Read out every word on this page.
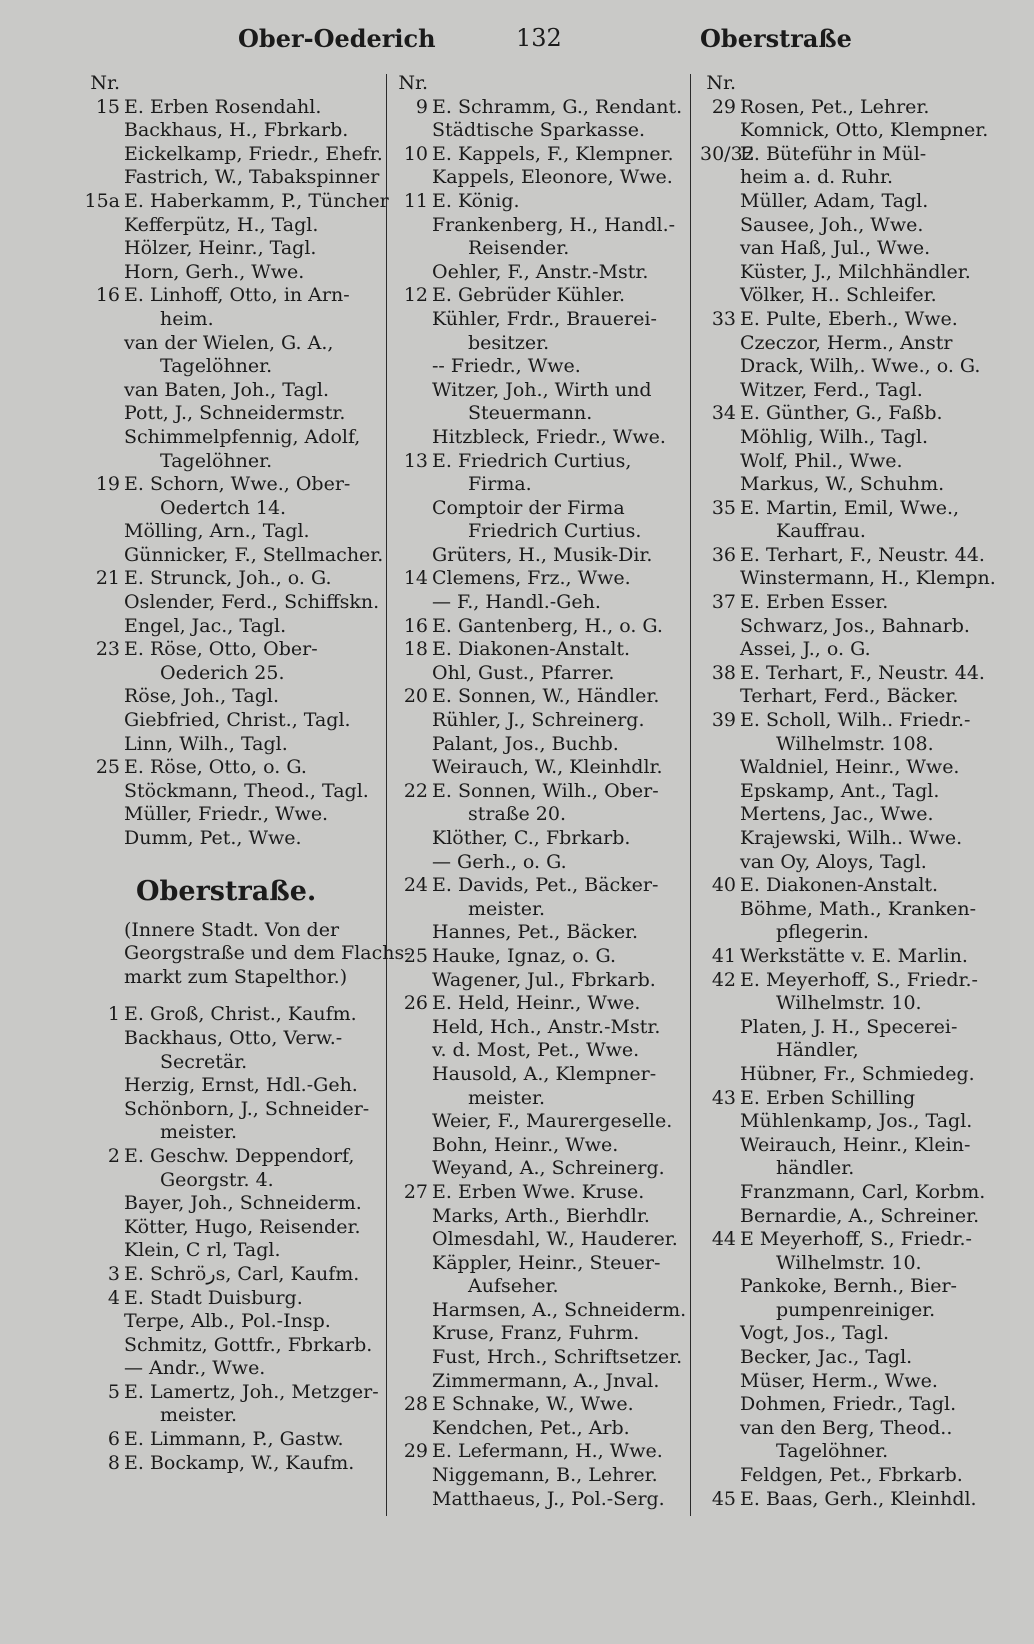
Ober-Oederich	132	Oberstraße
Nr.
15 E. Erben Rosendahl.
Backhaus, H., Fbrkarb.
Eickelkamp, Friedr., Ehefr.
Fastrich, W., Tabakspinner
15a E. Haberkamm, P., Tüncher
Kefferpütz, H., Tagl.
Hölzer, Heinr., Tagl.
Horn, Gerh., Wwe.
16 E. Linhoff, Otto, in Arn-
heim.
van der Wielen, G. A.,
Tagelöhner.
van Baten, Joh., Tagl.
Pott, J., Schneidermstr.
Schimmelpfennig, Adolf,
Tagelöhner.
19 E. Schorn, Wwe., Ober-
Oedertch 14.
Mölling, Arn., Tagl.
Günnicker, F., Stellmacher.
21 E. Strunck, Joh., o. G.
Oslender, Ferd., Schiffskn.
Engel, Jac., Tagl.
23 E. Röse, Otto, Ober-
Oederich 25.
Röse, Joh., Tagl.
Giebfried, Christ., Tagl.
Linn, Wilh., Tagl.
25 E. Röse, Otto, o. G.
Stöckmann, Theod., Tagl.
Müller, Friedr., Wwe.
Dumm, Pet., Wwe.
Oberstraße.
(Innere Stadt. Von der
Georgstraße und dem Flachs-
markt zum Stapelthor.)
1 E. Groß, Christ., Kaufm.
Backhaus, Otto, Verw.-
Secretär.
Herzig, Ernst, Hdl.-Geh.
Schönborn, J., Schneider-
meister.
2 E. Geschw. Deppendorf,
Georgstr. 4.
Bayer, Joh., Schneiderm.
Kötter, Hugo, Reisender.
Klein, C rl, Tagl.
3 E. Schröرs, Carl, Kaufm.
4 E. Stadt Duisburg.
Terpe, Alb., Pol.-Insp.
Schmitz, Gottfr., Fbrkarb.
— Andr., Wwe.
5 E. Lamertz, Joh., Metzger-
meister.
6 E. Limmann, P., Gastw.
8 E. Bockamp, W., Kaufm.
Nr.
9 E. Schramm, G., Rendant.
Städtische Sparkasse.
10 E. Kappels, F., Klempner.
Kappels, Eleonore, Wwe.
11 E. König.
Frankenberg, H., Handl.-
Reisender.
Oehler, F., Anstr.-Mstr.
12 E. Gebrüder Kühler.
Kühler, Frdr., Brauerei-
besitzer.
-- Friedr., Wwe.
Witzer, Joh., Wirth und
Steuermann.
Hitzbleck, Friedr., Wwe.
13 E. Friedrich Curtius,
Firma.
Comptoir der Firma
Friedrich Curtius.
Grüters, H., Musik-Dir.
14 Clemens, Frz., Wwe.
— F., Handl.-Geh.
16 E. Gantenberg, H., o. G.
18 E. Diakonen-Anstalt.
Ohl, Gust., Pfarrer.
20 E. Sonnen, W., Händler.
Rühler, J., Schreinerg.
Palant, Jos., Buchb.
Weirauch, W., Kleinhdlr.
22 E. Sonnen, Wilh., Ober-
straße 20.
Klöther, C., Fbrkarb.
— Gerh., o. G.
24 E. Davids, Pet., Bäcker-
meister.
Hannes, Pet., Bäcker.
25 Hauke, Ignaz, o. G.
Wagener, Jul., Fbrkarb.
26 E. Held, Heinr., Wwe.
Held, Hch., Anstr.-Mstr.
v. d. Most, Pet., Wwe.
Hausold, A., Klempner-
meister.
Weier, F., Maurergeselle.
Bohn, Heinr., Wwe.
Weyand, A., Schreinerg.
27 E. Erben Wwe. Kruse.
Marks, Arth., Bierhdlr.
Olmesdahl, W., Hauderer.
Käppler, Heinr., Steuer-
Aufseher.
Harmsen, A., Schneiderm.
Kruse, Franz, Fuhrm.
Fust, Hrch., Schriftsetzer.
Zimmermann, A., Jnval.
28 E Schnake, W., Wwe.
Kendchen, Pet., Arb.
29 E. Lefermann, H., Wwe.
Niggemann, B., Lehrer.
Matthaeus, J., Pol.-Serg.
Nr.
29 Rosen, Pet., Lehrer.
Komnick, Otto, Klempner.
30/32E. Büteführ in Mül-
heim a. d. Ruhr.
Müller, Adam, Tagl.
Sausee, Joh., Wwe.
van Haß, Jul., Wwe.
Küster, J., Milchhändler.
Völker, H.. Schleifer.
33 E. Pulte, Eberh., Wwe.
Czeczor, Herm., Anstr
Drack, Wilh,. Wwe., o. G.
Witzer, Ferd., Tagl.
34 E. Günther, G., Faßb.
Möhlig, Wilh., Tagl.
Wolf, Phil., Wwe.
Markus, W., Schuhm.
35 E. Martin, Emil, Wwe.,
Kauffrau.
36 E. Terhart, F., Neustr. 44.
Winstermann, H., Klempn.
37 E. Erben Esser.
Schwarz, Jos., Bahnarb.
Assei, J., o. G.
38 E. Terhart, F., Neustr. 44.
Terhart, Ferd., Bäcker.
39 E. Scholl, Wilh.. Friedr.-
Wilhelmstr. 108.
Waldniel, Heinr., Wwe.
Epskamp, Ant., Tagl.
Mertens, Jac., Wwe.
Krajewski, Wilh.. Wwe.
van Oy, Aloys, Tagl.
40 E. Diakonen-Anstalt.
Böhme, Math., Kranken-
pflegerin.
41 Werkstätte v. E. Marlin.
42 E. Meyerhoff, S., Friedr.-
Wilhelmstr. 10.
Platen, J. H., Specerei-
Händler,
Hübner, Fr., Schmiedeg.
43 E. Erben Schilling
Mühlenkamp, Jos., Tagl.
Weirauch, Heinr., Klein-
händler.
Franzmann, Carl, Korbm.
Bernardie, A., Schreiner.
44 E Meyerhoff, S., Friedr.-
Wilhelmstr. 10.
Pankoke, Bernh., Bier-
pumpenreiniger.
Vogt, Jos., Tagl.
Becker, Jac., Tagl.
Müser, Herm., Wwe.
Dohmen, Friedr., Tagl.
van den Berg, Theod..
Tagelöhner.
Feldgen, Pet., Fbrkarb.
45 E. Baas, Gerh., Kleinhdl.
